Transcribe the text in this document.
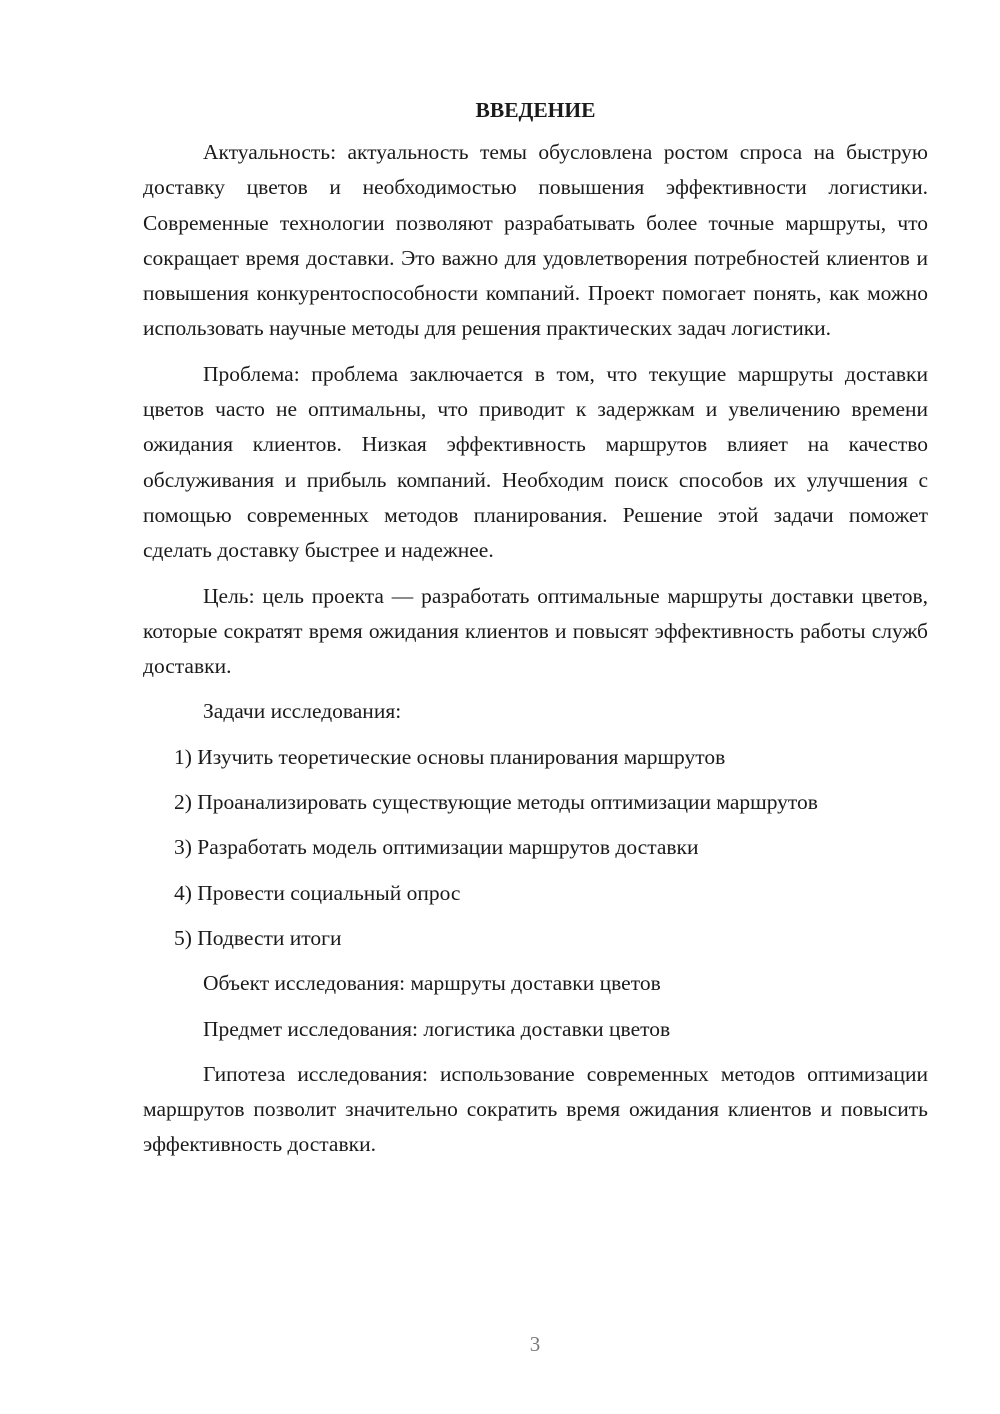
ВВЕДЕНИЕ

Актуальность: актуальность темы обусловлена ростом спроса на быструю доставку цветов и необходимостью повышения эффективности логистики. Современные технологии позволяют разрабатывать более точные маршруты, что сокращает время доставки. Это важно для удовлетворения потребностей клиентов и повышения конкурентоспособности компаний. Проект помогает понять, как можно использовать научные методы для решения практических задач логистики.

Проблема: проблема заключается в том, что текущие маршруты доставки цветов часто не оптимальны, что приводит к задержкам и увеличению времени ожидания клиентов. Низкая эффективность маршрутов влияет на качество обслуживания и прибыль компаний. Необходим поиск способов их улучшения с помощью современных методов планирования. Решение этой задачи поможет сделать доставку быстрее и надежнее.

Цель: цель проекта — разработать оптимальные маршруты доставки цветов, которые сократят время ожидания клиентов и повысят эффективность работы служб доставки.

Задачи исследования:

1) Изучить теоретические основы планирования маршрутов

2) Проанализировать существующие методы оптимизации маршрутов

3) Разработать модель оптимизации маршрутов доставки

4) Провести социальный опрос

5) Подвести итоги

Объект исследования: маршруты доставки цветов

Предмет исследования: логистика доставки цветов

Гипотеза исследования: использование современных методов оптимизации маршрутов позволит значительно сократить время ожидания клиентов и повысить эффективность доставки.

3
